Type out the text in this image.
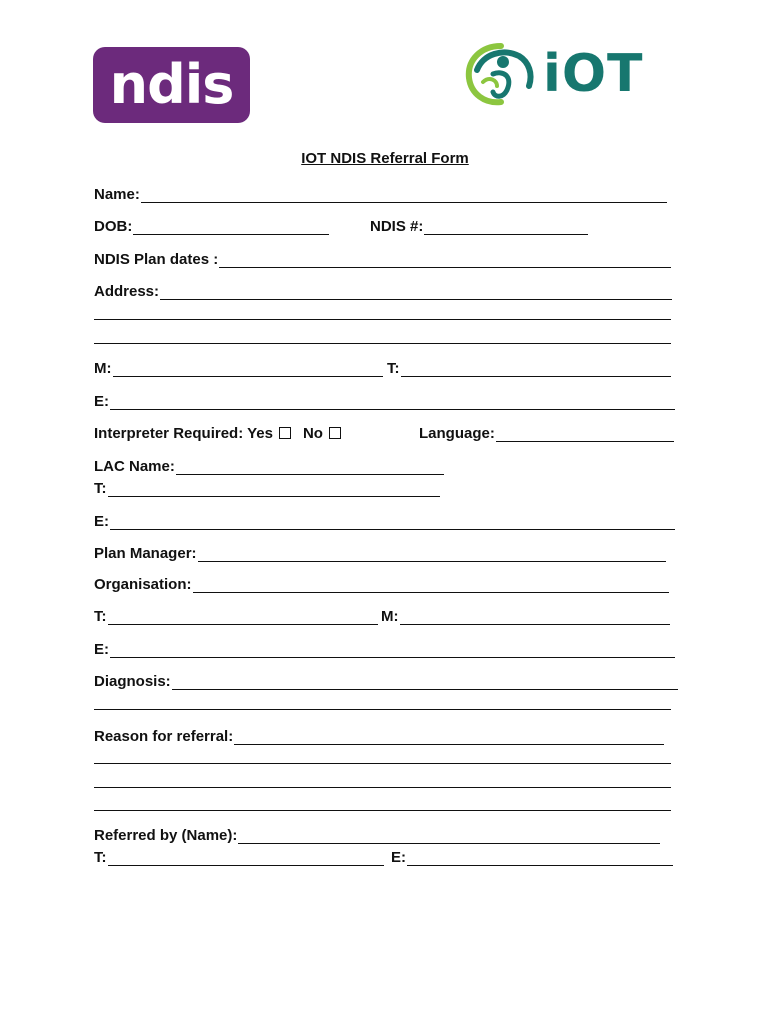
ndis	iOT
IOT NDIS Referral Form
Name:
DOB:	NDIS #:
NDIS Plan dates :
Address:
M:	T:
E:
Interpreter Required: Yes No	Language:
LAC Name:
T:
E:
Plan Manager:
Organisation:
T:	M:
E:
Diagnosis:
Reason for referral:
Referred by (Name):
T:	E:
